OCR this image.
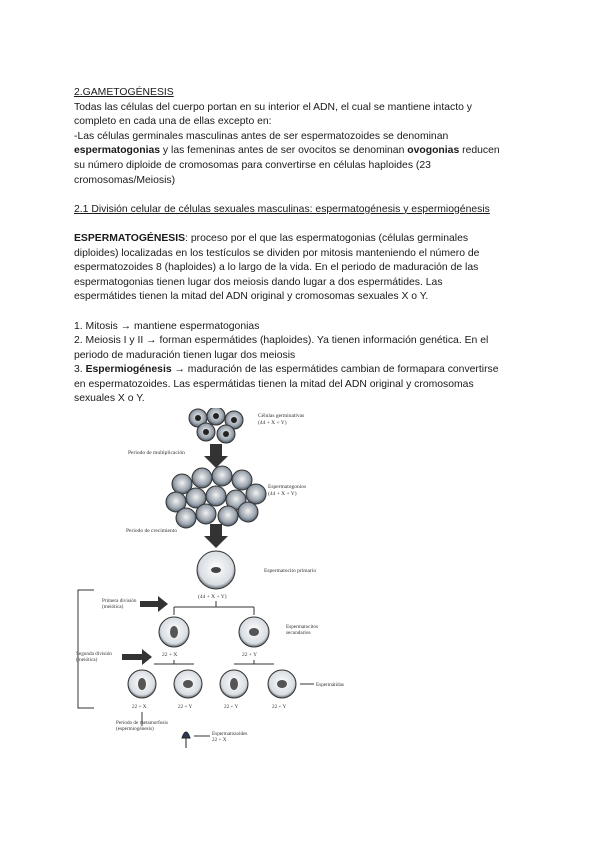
2.GAMETOGÉNESIS

Todas las células del cuerpo portan en su interior el ADN, el cual se mantiene intacto y

completo en cada una de ellas excepto en:

-Las células germinales masculinas antes de ser espermatozoides se denominan

espermatogonias y las femeninas antes de ser ovocitos se denominan ovogonias reducen

su número diploide de cromosomas para convertirse en células haploides (23

cromosomas/Meiosis)

2.1 División celular de células sexuales masculinas: espermatogénesis y espermiogénesis

ESPERMATOGÉNESIS: proceso por el que las espermatogonias (células germinales

diploides) localizadas en los testículos se dividen por mitosis manteniendo el número de

espermatozoides 8 (haploides) a lo largo de la vida. En el periodo de maduración de las

espermatogonias tienen lugar dos meiosis dando lugar a dos espermátides. Las

espermátides tienen la mitad del ADN original y cromosomas sexuales X o Y.

1. Mitosis → mantiene espermatogonias

2. Meiosis I y II → forman espermátides (haploides). Ya tienen información genética. En el

periodo de maduración tienen lugar dos meiosis

3. Espermiogénesis → maduración de las espermátides cambian de formapara convertirse

en espermatozoides. Las espermátidas tienen la mitad del ADN original y cromosomas

sexuales X o Y.

Células germinativas
(44 + X + Y)
Periodo de multiplicación
Espermatogonios
(44 + X + Y)
Periodo de crecimiento
Espermatocito primario
(44 + X + Y)
Primera división
(meiótica)
Espermatocitos
secundarios
22 + X	22 + Y
Segunda división
(meiótica)
Espermátidas
22 + X	22 + Y	22 + Y	22 + Y
Periodo de metamorfosis
(espermiogénesis)
Espermatozoides
22 + X
